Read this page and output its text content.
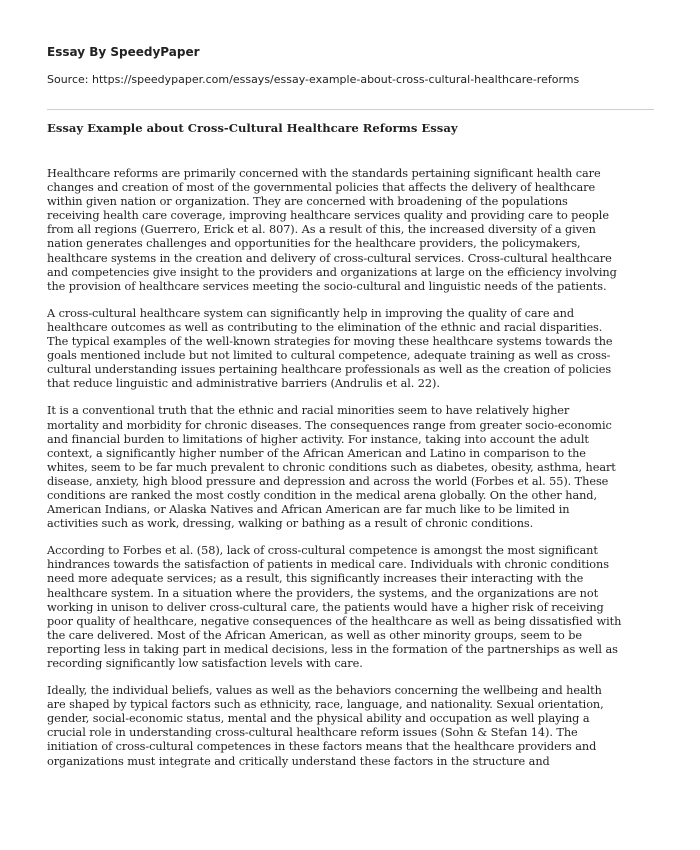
Essay By SpeedyPaper
Source: https://speedypaper.com/essays/essay-example-about-cross-cultural-healthcare-reforms
Essay Example about Cross-Cultural Healthcare Reforms Essay

Healthcare reforms are primarily concerned with the standards pertaining significant health care
changes and creation of most of the governmental policies that affects the delivery of healthcare
within given nation or organization. They are concerned with broadening of the populations
receiving health care coverage, improving healthcare services quality and providing care to people
from all regions (Guerrero, Erick et al. 807). As a result of this, the increased diversity of a given
nation generates challenges and opportunities for the healthcare providers, the policymakers,
healthcare systems in the creation and delivery of cross-cultural services. Cross-cultural healthcare
and competencies give insight to the providers and organizations at large on the efficiency involving
the provision of healthcare services meeting the socio-cultural and linguistic needs of the patients.

A cross-cultural healthcare system can significantly help in improving the quality of care and
healthcare outcomes as well as contributing to the elimination of the ethnic and racial disparities.
The typical examples of the well-known strategies for moving these healthcare systems towards the
goals mentioned include but not limited to cultural competence, adequate training as well as cross-
cultural understanding issues pertaining healthcare professionals as well as the creation of policies
that reduce linguistic and administrative barriers (Andrulis et al. 22).

It is a conventional truth that the ethnic and racial minorities seem to have relatively higher
mortality and morbidity for chronic diseases. The consequences range from greater socio-economic
and financial burden to limitations of higher activity. For instance, taking into account the adult
context, a significantly higher number of the African American and Latino in comparison to the
whites, seem to be far much prevalent to chronic conditions such as diabetes, obesity, asthma, heart
disease, anxiety, high blood pressure and depression and across the world (Forbes et al. 55). These
conditions are ranked the most costly condition in the medical arena globally. On the other hand,
American Indians, or Alaska Natives and African American are far much like to be limited in
activities such as work, dressing, walking or bathing as a result of chronic conditions.

According to Forbes et al. (58), lack of cross-cultural competence is amongst the most significant
hindrances towards the satisfaction of patients in medical care. Individuals with chronic conditions
need more adequate services; as a result, this significantly increases their interacting with the
healthcare system. In a situation where the providers, the systems, and the organizations are not
working in unison to deliver cross-cultural care, the patients would have a higher risk of receiving
poor quality of healthcare, negative consequences of the healthcare as well as being dissatisfied with
the care delivered. Most of the African American, as well as other minority groups, seem to be
reporting less in taking part in medical decisions, less in the formation of the partnerships as well as
recording significantly low satisfaction levels with care.

Ideally, the individual beliefs, values as well as the behaviors concerning the wellbeing and health
are shaped by typical factors such as ethnicity, race, language, and nationality. Sexual orientation,
gender, social-economic status, mental and the physical ability and occupation as well playing a
crucial role in understanding cross-cultural healthcare reform issues (Sohn & Stefan 14). The
initiation of cross-cultural competences in these factors means that the healthcare providers and
organizations must integrate and critically understand these factors in the structure and
